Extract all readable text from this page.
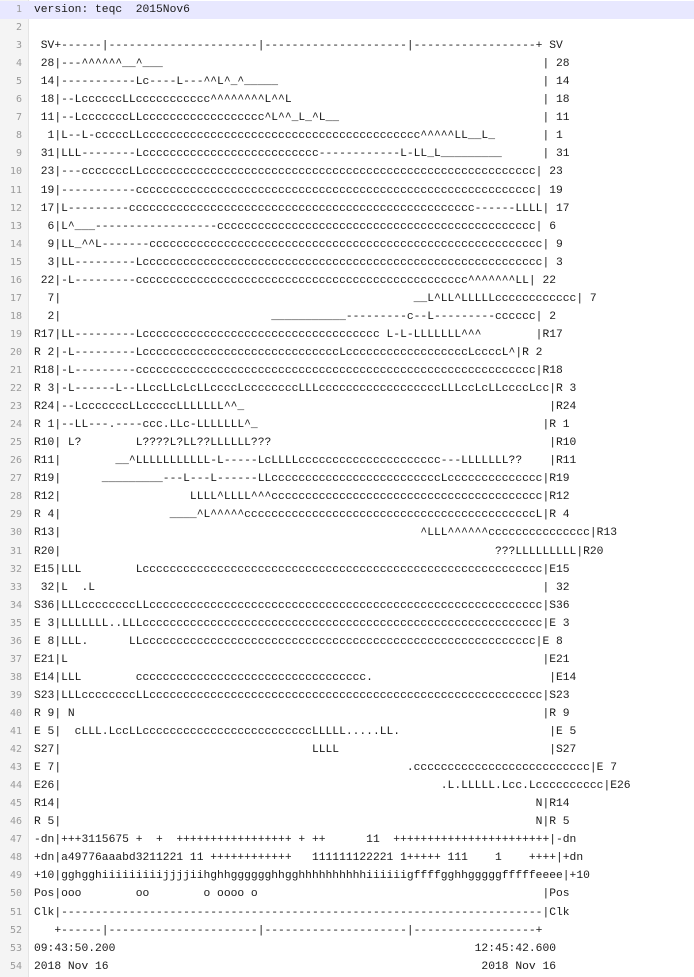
1 version: teqc  2015Nov6
2
3 SV+------|----------------------|---------------------|------------------+ SV
4 28|---^^^^^^__^___                                                        | 28
5 14|-----------Lc----L---^^L^_^_____                                       | 14
6 18|--LccccccLLccccccccccc^^^^^^^^L^^L                                     | 18
7 11|--LcccccccLLcccccccccccccccccc^L^^_L_^L__                              | 11
8 1|L--L-cccccLLccccccccccccccccccccccccccccccccccccccccc^^^^^LL__L_       | 1
9 31|LLL--------Lcccccccccccccccccccccccccc------------L-LL_L_________      | 31
10 23|---cccccccLLcccccccccccccccccccccccccccccccccccccccccccccccccccccccccc| 23
11 19|-----------ccccccccccccccccccccccccccccccccccccccccccccccccccccccccccc| 19
12 17|L---------ccccccccccccccccccccccccccccccccccccccccccccccccccc------LLLL| 17
13 6|L^___------------------ccccccccccccccccccccccccccccccccccccccccccccccc| 6
14 9|LL_^^L-------cccccccccccccccccccccccccccccccccccccccccccccccccccccccccc| 9
15 3|LL---------Lccccccccccccccccccccccccccccccccccccccccccccccccccccccccccc| 3
16 22|-L---------ccccccccccccccccccccccccccccccccccccccccccccccccc^^^^^^^LL| 22
17 7|                                                    __L^LL^LLLLLcccccccccccc| 7
18 2|                               ___________---------c--L---------cccccc| 2
19 R17|LL---------Lccccccccccccccccccccccccccccccccccc L-L-LLLLLLL^^^        |R17
20 R 2|-L---------LcccccccccccccccccccccccccccccLccccccccccccccccccLccccL^|R 2
21 R18|-L---------ccccccccccccccccccccccccccccccccccccccccccccccccccccccccccc|R18
22 R 3|-L------L--LLccLLcLcLLccccLccccccccLLLccccccccccccccccccLLLccLcLLccccLcc|R 3
23 R24|--LcccccccLLcccccLLLLLLL^^_                                             |R24
24 R 1|--LL---.----ccc.LLc-LLLLLLL^_                                          |R 1
25 R10| L?        L????L?LL??LLLLLL???                                         |R10
26 R11|        __^LLLLLLLLLLL-L-----LcLLLLccccccccccccccccccccc---LLLLLLL??    |R11
27 R19|      _________---L---L------LLcccccccccccccccccccccccccLcccccccccccccc|R19
28 R12|                   LLLL^LLLL^^^cccccccccccccccccccccccccccccccccccccccc|R12
29 R 4|                ____^L^^^^^cccccccccccccccccccccccccccccccccccccccccccL|R 4
30 R13|                                                     ^LLL^^^^^^ccccccccccccccc|R13
31 R20|                                                                ???LLLLLLLLL|R20
32 E15|LLL        Lccccccccccccccccccccccccccccccccccccccccccccccccccccccccccc|E15
33 32|L  .L                                                                  | 32
34 S36|LLLccccccccLLcccccccccccccccccccccccccccccccccccccccccccccccccccccccccc|S36
35 E 3|LLLLLLL..LLLccccccccccccccccccccccccccccccccccccccccccccccccccccccccccc|E 3
36 E 8|LLL.      LLcccccccccccccccccccccccccccccccccccccccccccccccccccccccccc|E 8
37 E21|L                                                                      |E21
38 E14|LLL        cccccccccccccccccccccccccccccccccc.                          |E14
39 S23|LLLccccccccLLcccccccccccccccccccccccccccccccccccccccccccccccccccccccccc|S23
40 R 9| N                                                                     |R 9
41 E 5|  cLLL.LccLLcccccccccccccccccccccccccLLLLL.....LL.                      |E 5
42 S27|                                     LLLL                               |S27
43 E 7|                                                   .cccccccccccccccccccccccccc|E 7
44 E26|                                                        .L.LLLLL.Lcc.Lcccccccccc|E26
45 R14|                                                                      N|R14
46 R 5|                                                                      N|R 5
47 -dn|+++3115675 +  +  +++++++++++++++++ + ++      11  +++++++++++++++++++++++|-dn
48 +dn|a49776aaabd3211221 11 ++++++++++++   111111122221 1+++++ 111    1    ++++|+dn
49 +10|gghgghiiiiiiiiijjjjiihghhgggggghhgghhhhhhhhhhiiiiiigffffgghhgggggfffffeeee|+10
50 Pos|ooo        oo        o oooo o                                          |Pos
51 Clk|-----------------------------------------------------------------------|Clk
52 +------|----------------------|---------------------|------------------+
53 09:43:50.200                                                     12:45:42.600
54 2018 Nov 16                                                       2018 Nov 16
